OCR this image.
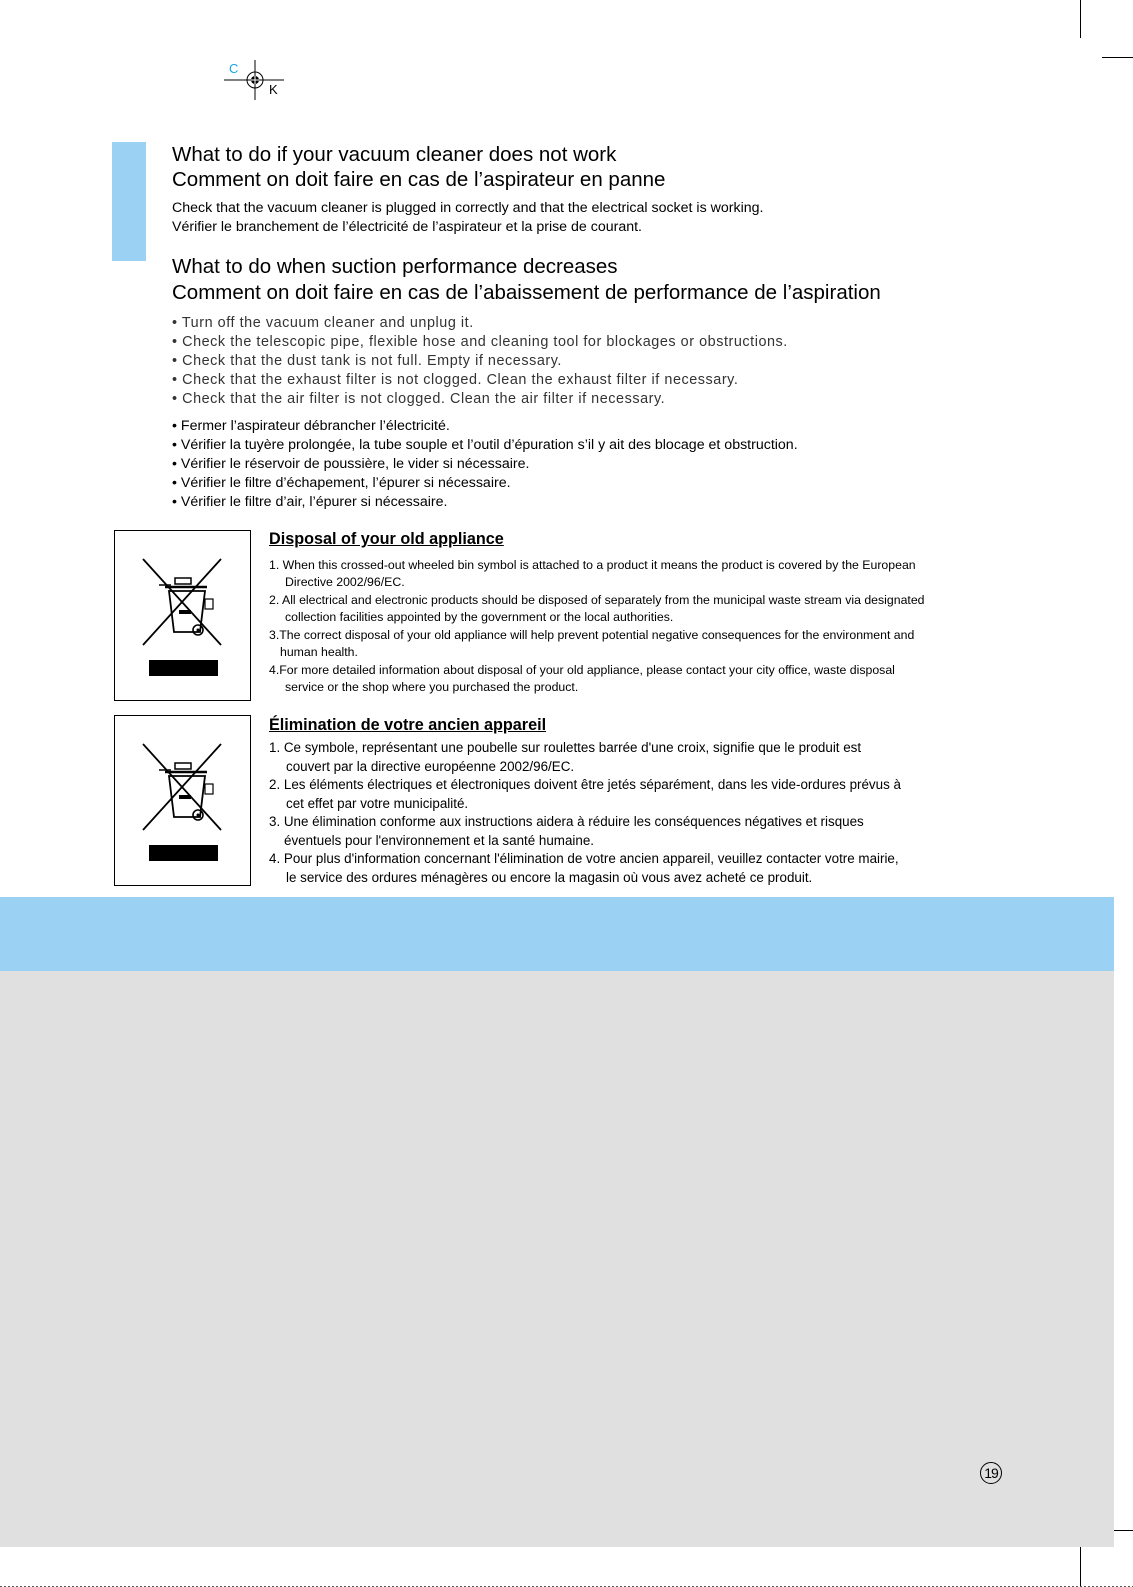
C
K
What to do if your vacuum cleaner does not work
Comment on doit faire en cas de l’aspirateur en panne

Check that the vacuum cleaner is plugged in correctly and that the electrical socket is working.

Vérifier le branchement de l’électricité de l’aspirateur et la prise de courant.

What to do when suction performance decreases
Comment on doit faire en cas de l’abaissement de performance de l’aspiration

• Turn off the vacuum cleaner and unplug it.

• Check the telescopic pipe, flexible hose and cleaning tool for blockages or obstructions.

• Check that the dust tank is not full. Empty if necessary.

• Check that the exhaust filter is not clogged. Clean the exhaust filter if necessary.

• Check that the air filter is not clogged. Clean the air filter if necessary.

• Fermer l’aspirateur débrancher l’électricité.

• Vérifier la tuyère prolongée, la tube souple et l’outil d’épuration s’il y ait des blocage et obstruction.

• Vérifier le réservoir de poussière, le vider si nécessaire.

• Vérifier le filtre d’échapement, l’épurer si nécessaire.

• Vérifier le filtre d’air, l’épurer si nécessaire.

Disposal of your old appliance

1. When this crossed-out wheeled bin symbol is attached to a product it means the product is covered by the European
Directive 2002/96/EC.

2. All electrical and electronic products should be disposed of separately from the municipal waste stream via designated
collection facilities appointed by the government or the local authorities.

3.The correct disposal of your old appliance will help prevent potential negative consequences for the environment and
human health.

4.For more detailed information about disposal of your old appliance, please contact your city office, waste disposal
service or the shop where you purchased the product.

Élimination de votre ancien appareil

1. Ce symbole, représentant une poubelle sur roulettes barrée d'une croix, signifie que le produit est
couvert par la directive européenne 2002/96/EC.

2. Les éléments électriques et électroniques doivent être jetés séparément, dans les vide-ordures prévus à
cet effet par votre municipalité.

3. Une élimination conforme aux instructions aidera à réduire les conséquences négatives et risques
éventuels pour l'environnement et la santé humaine.

4. Pour plus d'information concernant l'élimination de votre ancien appareil, veuillez contacter votre mairie,
le service des ordures ménagères ou encore la magasin où vous avez acheté ce produit.

19
